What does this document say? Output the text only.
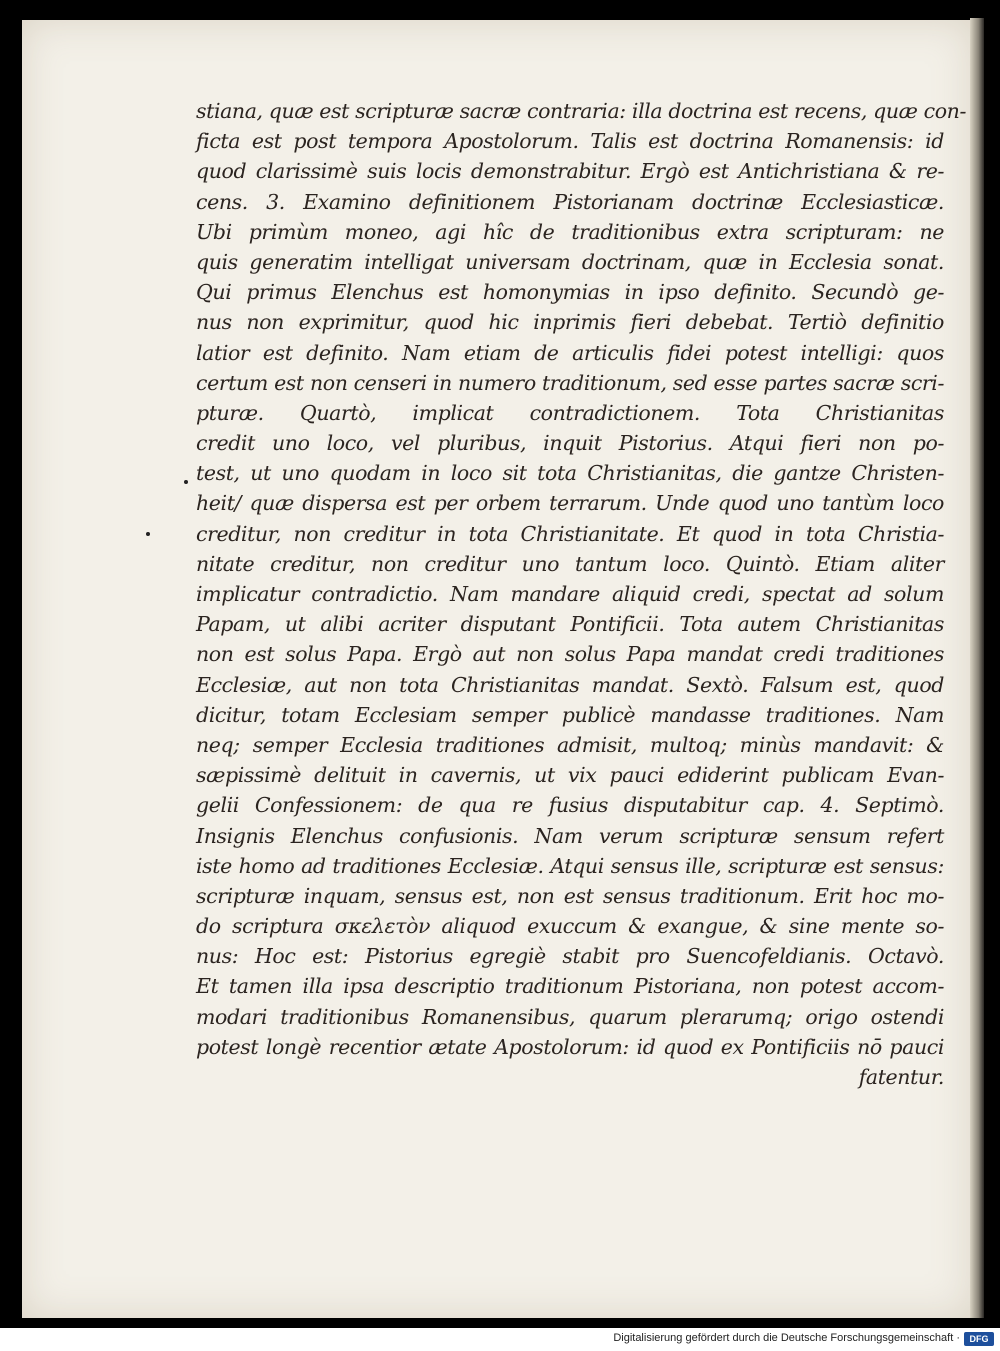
stiana, quæ est scripturæ sacræ contraria: illa doctrina est recens, quæ con-
ficta est post tempora Apostolorum. Talis est doctrina Romanensis: id
quod clarissimè suis locis demonstrabitur. Ergò est Antichristiana & re-
cens. 3. Examino definitionem Pistorianam doctrinæ Ecclesiasticæ.
Ubi primùm moneo, agi hîc de traditionibus extra scripturam: ne
quis generatim intelligat universam doctrinam, quæ in Ecclesia sonat.
Qui primus Elenchus est homonymias in ipso definito. Secundò ge-
nus non exprimitur, quod hic inprimis fieri debebat. Tertiò definitio
latior est definito. Nam etiam de articulis fidei potest intelligi: quos
certum est non censeri in numero traditionum, sed esse partes sacræ scri-
pturæ. Quartò, implicat contradictionem. Tota Christianitas
credit uno loco, vel pluribus, inquit Pistorius. Atqui fieri non po-
test, ut uno quodam in loco sit tota Christianitas, die gantze Christen-
heit/ quæ dispersa est per orbem terrarum. Unde quod uno tantùm loco
creditur, non creditur in tota Christianitate. Et quod in tota Christia-
nitate creditur, non creditur uno tantum loco. Quintò. Etiam aliter
implicatur contradictio. Nam mandare aliquid credi, spectat ad solum
Papam, ut alibi acriter disputant Pontificii. Tota autem Christianitas
non est solus Papa. Ergò aut non solus Papa mandat credi traditiones
Ecclesiæ, aut non tota Christianitas mandat. Sextò. Falsum est, quod
dicitur, totam Ecclesiam semper publicè mandasse traditiones. Nam
neq; semper Ecclesia traditiones admisit, multoq; minùs mandavit: &
sæpissimè delituit in cavernis, ut vix pauci ediderint publicam Evan-
gelii Confessionem: de qua re fusius disputabitur cap. 4. Septimò.
Insignis Elenchus confusionis. Nam verum scripturæ sensum refert
iste homo ad traditiones Ecclesiæ. Atqui sensus ille, scripturæ est sensus:
scripturæ inquam, sensus est, non est sensus traditionum. Erit hoc mo-
do scriptura σκελετὸν aliquod exuccum & exangue, & sine mente so-
nus: Hoc est: Pistorius egregiè stabit pro Suencofeldianis. Octavò.
Et tamen illa ipsa descriptio traditionum Pistoriana, non potest accom-
modari traditionibus Romanensibus, quarum plerarumq; origo ostendi
potest longè recentior ætate Apostolorum: id quod ex Pontificiis nō pauci
fatentur.
Digitalisierung gefördert durch die Deutsche Forschungsgemeinschaft ·	DFG
